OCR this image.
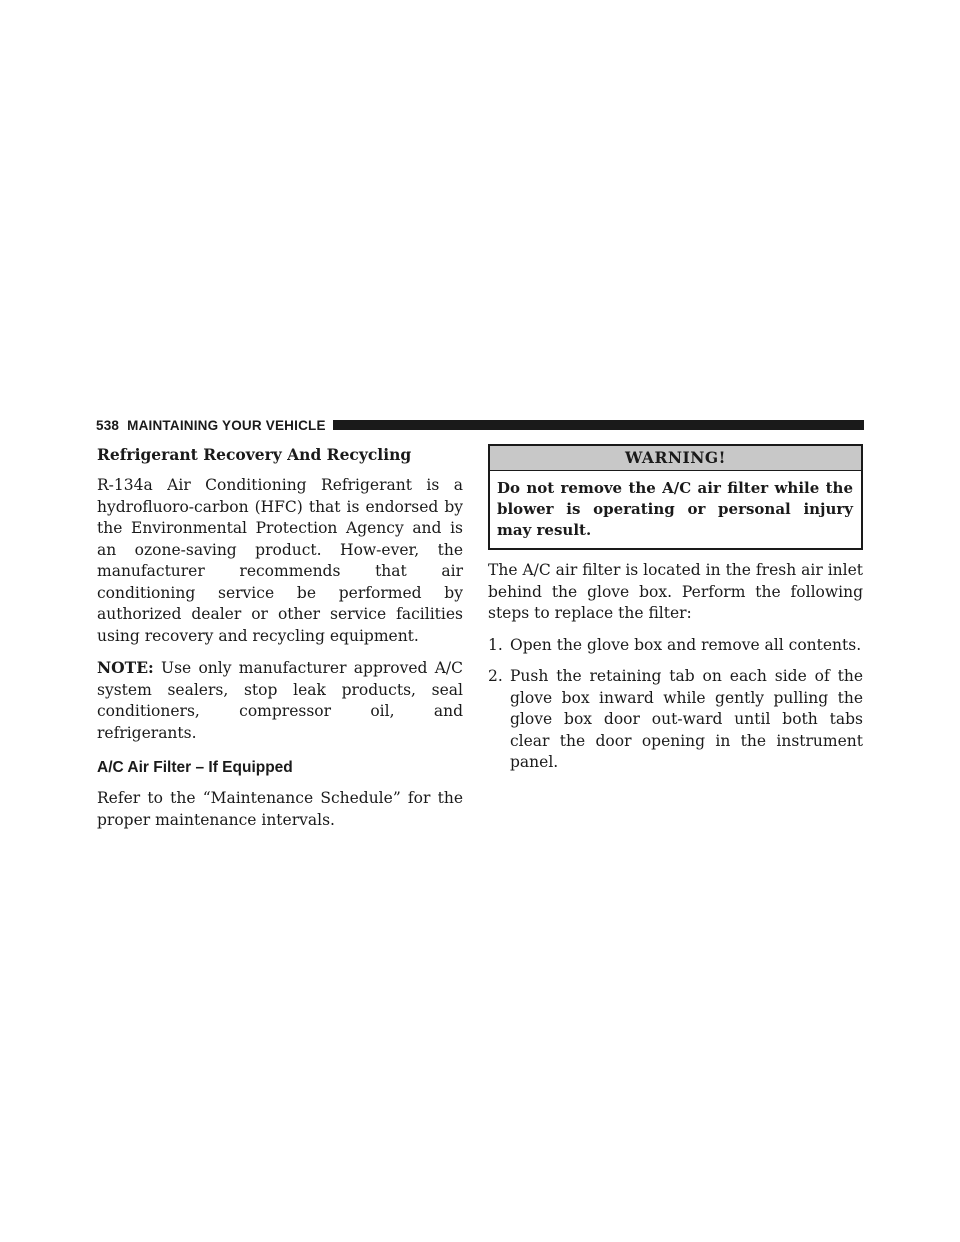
538 MAINTAINING YOUR VEHICLE
Refrigerant Recovery And Recycling

R-134a Air Conditioning Refrigerant is a hydrofluoro-carbon (HFC) that is endorsed by the Environmental Protection Agency and is an ozone-saving product. How-ever, the manufacturer recommends that air conditioning service be performed by authorized dealer or other service facilities using recovery and recycling equipment.

NOTE: Use only manufacturer approved A/C system sealers, stop leak products, seal conditioners, compressor oil, and refrigerants.

A/C Air Filter – If Equipped

Refer to the “Maintenance Schedule” for the proper maintenance intervals.

WARNING!
Do not remove the A/C air filter while the blower is operating or personal injury may result.

The A/C air filter is located in the fresh air inlet behind the glove box. Perform the following steps to replace the filter:

1. Open the glove box and remove all contents.
2. Push the retaining tab on each side of the glove box inward while gently pulling the glove box door out-ward until both tabs clear the door opening in the instrument panel.
